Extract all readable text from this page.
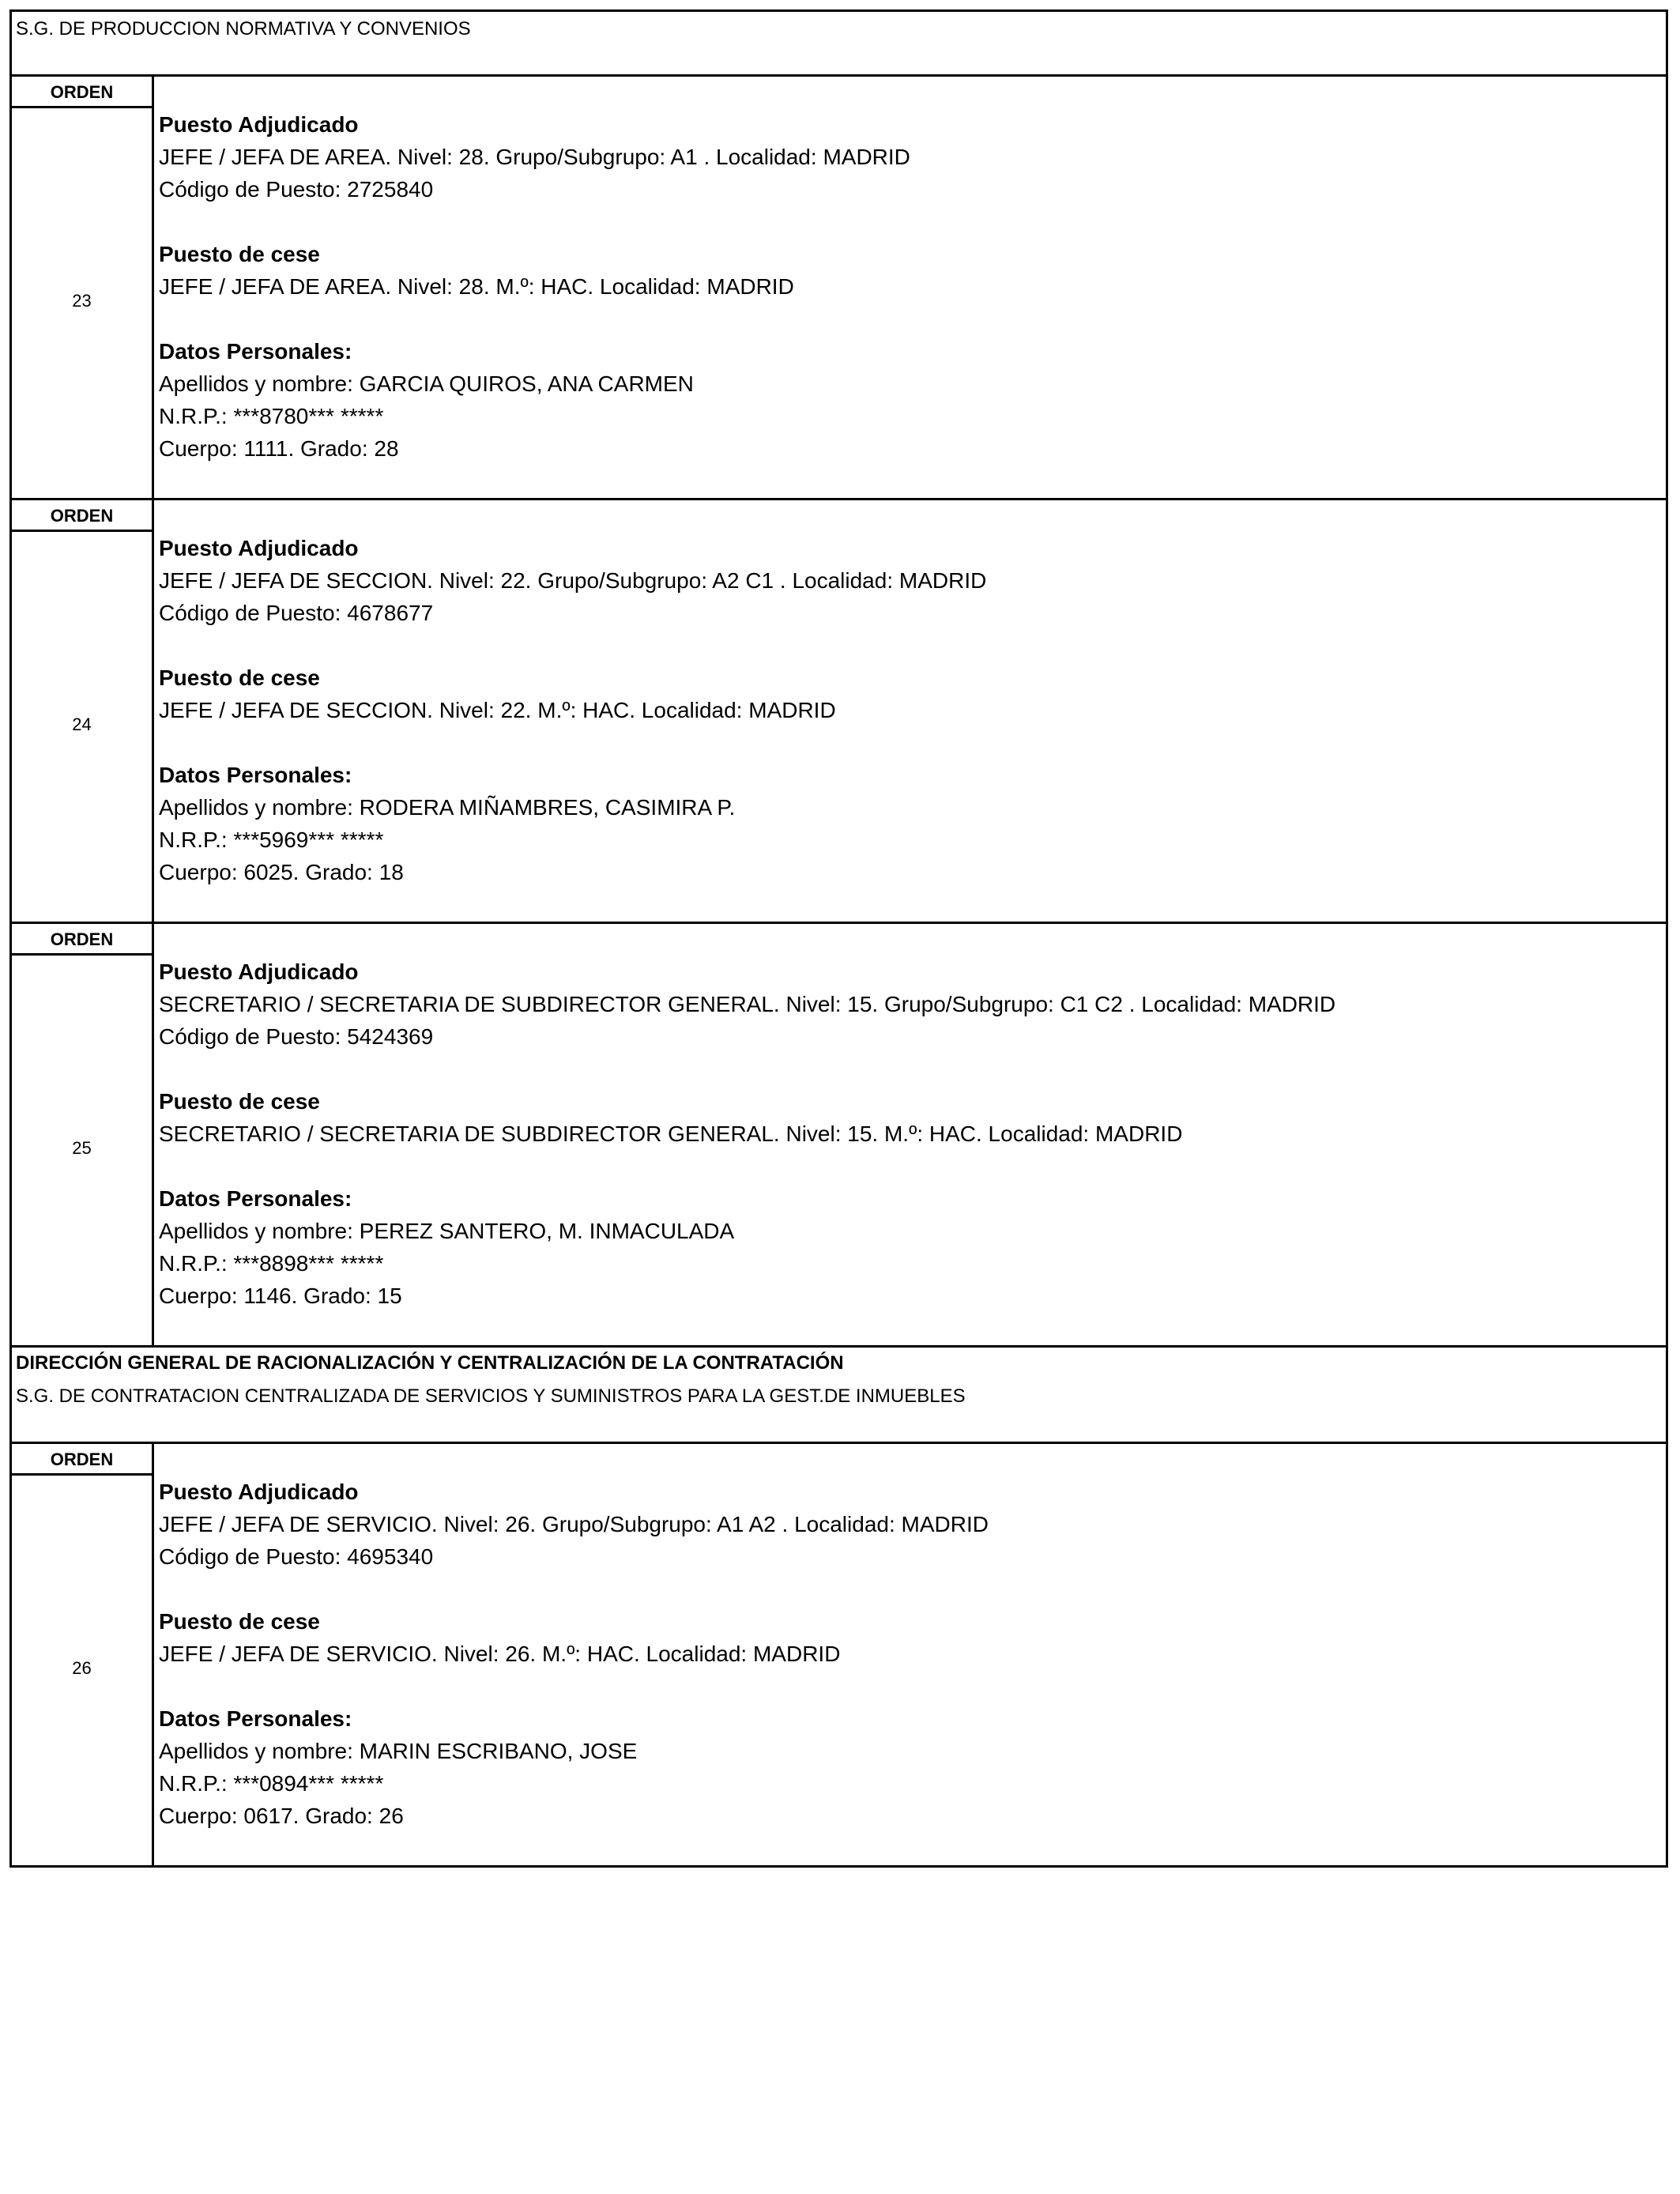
S.G. DE PRODUCCION NORMATIVA Y CONVENIOS
ORDEN
23
Puesto Adjudicado
JEFE / JEFA DE AREA. Nivel: 28. Grupo/Subgrupo: A1 . Localidad: MADRID
Código de Puesto: 2725840
Puesto de cese
JEFE / JEFA DE AREA. Nivel: 28. M.º: HAC. Localidad: MADRID
Datos Personales:
Apellidos y nombre: GARCIA QUIROS, ANA CARMEN
N.R.P.: ***8780*** *****
Cuerpo: 1111. Grado: 28
ORDEN
24
Puesto Adjudicado
JEFE / JEFA DE SECCION. Nivel: 22. Grupo/Subgrupo: A2 C1 . Localidad: MADRID
Código de Puesto: 4678677
Puesto de cese
JEFE / JEFA DE SECCION. Nivel: 22. M.º: HAC. Localidad: MADRID
Datos Personales:
Apellidos y nombre: RODERA MIÑAMBRES, CASIMIRA P.
N.R.P.: ***5969*** *****
Cuerpo: 6025. Grado: 18
ORDEN
25
Puesto Adjudicado
SECRETARIO / SECRETARIA DE SUBDIRECTOR GENERAL. Nivel: 15. Grupo/Subgrupo: C1 C2 . Localidad: MADRID
Código de Puesto: 5424369
Puesto de cese
SECRETARIO / SECRETARIA DE SUBDIRECTOR GENERAL. Nivel: 15. M.º: HAC. Localidad: MADRID
Datos Personales:
Apellidos y nombre: PEREZ SANTERO, M. INMACULADA
N.R.P.: ***8898*** *****
Cuerpo: 1146. Grado: 15
DIRECCIÓN GENERAL DE RACIONALIZACIÓN Y CENTRALIZACIÓN DE LA CONTRATACIÓN
S.G. DE CONTRATACION CENTRALIZADA DE SERVICIOS Y SUMINISTROS PARA LA GEST.DE INMUEBLES
ORDEN
26
Puesto Adjudicado
JEFE / JEFA DE SERVICIO. Nivel: 26. Grupo/Subgrupo: A1 A2 . Localidad: MADRID
Código de Puesto: 4695340
Puesto de cese
JEFE / JEFA DE SERVICIO. Nivel: 26. M.º: HAC. Localidad: MADRID
Datos Personales:
Apellidos y nombre: MARIN ESCRIBANO, JOSE
N.R.P.: ***0894*** *****
Cuerpo: 0617. Grado: 26
